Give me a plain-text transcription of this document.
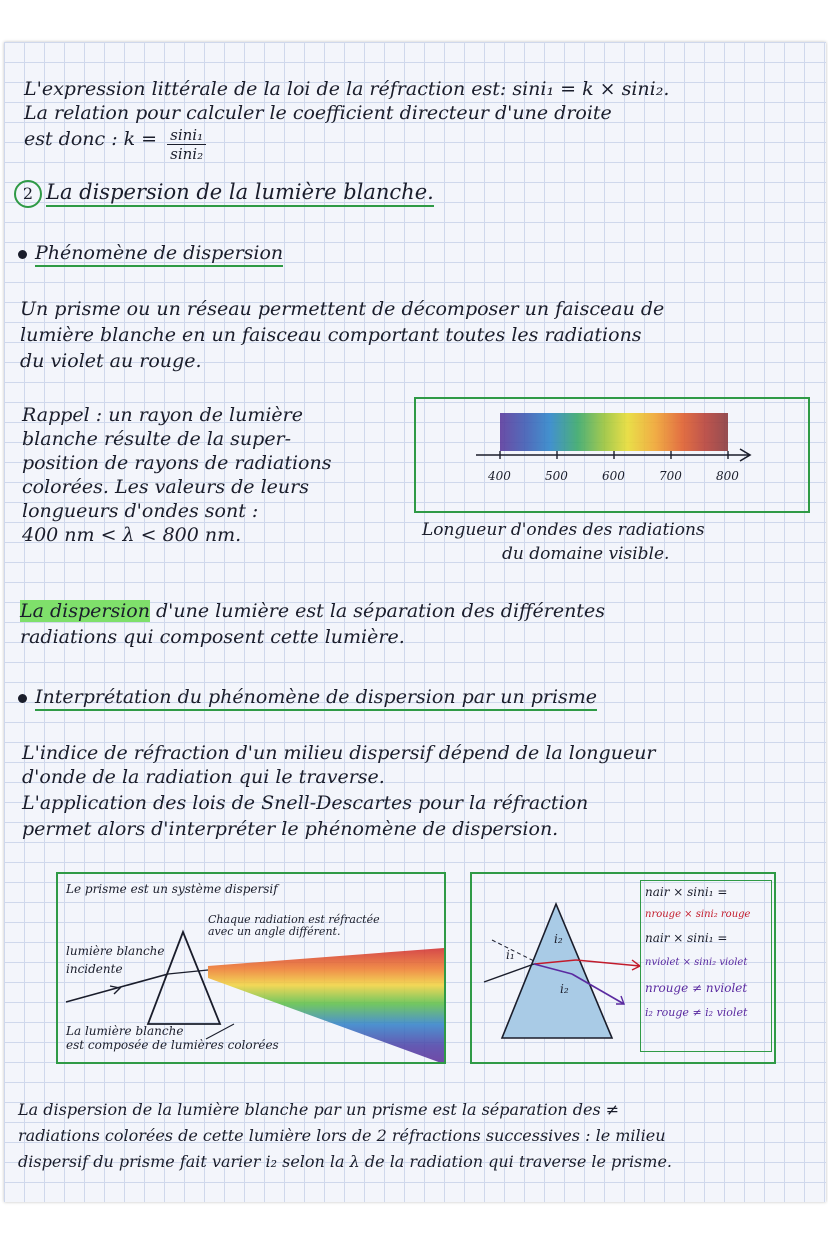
L'expression littérale de la loi de la réfraction est: sini₁ = k × sini₂.
La relation pour calculer le coefficient directeur d'une droite
est donc : $k = \frac{\text{sini₁}}{\text{sini₂}}$
2 La dispersion de la lumière blanche.
Phénomène de dispersion
Un prisme ou un réseau permettent de décomposer un faisceau de
lumière blanche en un faisceau comportant toutes les radiations
du violet au rouge.
Rappel : un rayon de lumière
blanche résulte de la super-
position de rayons de radiations
colorées. Les valeurs de leurs
longueurs d'ondes sont :
400 nm < λ < 800 nm.
400	500	600	700	800
Longueur d'ondes des radiations
du domaine visible.
La dispersion d'une lumière est la séparation des différentes
radiations qui composent cette lumière.
Interprétation du phénomène de dispersion par un prisme
L'indice de réfraction d'un milieu dispersif dépend de la longueur
d'onde de la radiation qui le traverse.
L'application des lois de Snell-Descartes pour la réfraction
permet alors d'interpréter le phénomène de dispersion.
Le prisme est un système dispersif
Chaque radiation est réfractée
avec un angle différent.
lumière blanche
incidente
La lumière blanche
est composée de lumières colorées
i₁
i₂
i₂
nair × sini₁ =
nrouge × sini₂ rouge
nair × sini₁ =
nviolet × sini₂ violet
nrouge ≠ nviolet
i₂ rouge ≠ i₂ violet
La dispersion de la lumière blanche par un prisme est la séparation des ≠
radiations colorées de cette lumière lors de 2 réfractions successives : le milieu
dispersif du prisme fait varier i₂ selon la λ de la radiation qui traverse le prisme.
